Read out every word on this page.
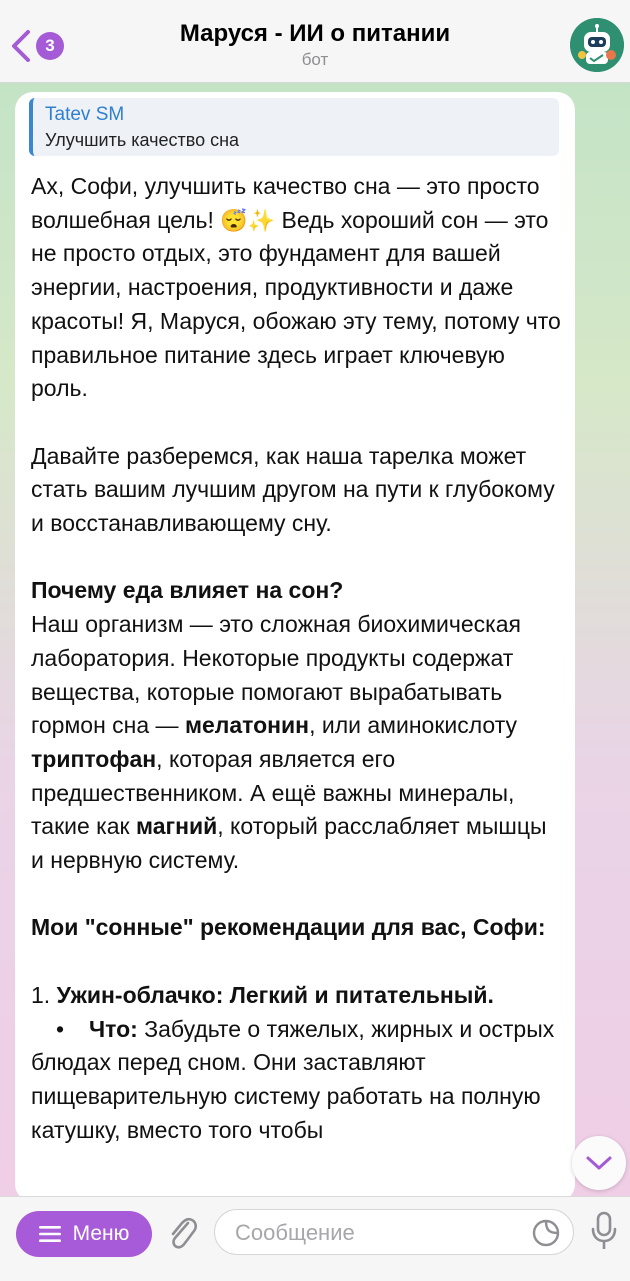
3	Маруся - ИИ о питании
бот
Tatev SM
Улучшить качество сна

Ах, Софи, улучшить качество сна — это просто волшебная цель! 😴✨ Ведь хороший сон — это не просто отдых, это фундамент для вашей энергии, настроения, продуктивности и даже красоты! Я, Маруся, обожаю эту тему, потому что правильное питание здесь играет ключевую роль.

Давайте разберемся, как наша тарелка может стать вашим лучшим другом на пути к глубокому и восстанавливающему сну.

Почему еда влияет на сон?

Наш организм — это сложная биохимическая лаборатория. Некоторые продукты содержат вещества, которые помогают вырабатывать гормон сна — мелатонин, или аминокислоту триптофан, которая является его предшественником. А ещё важны минералы, такие как магний, который расслабляет мышцы и нервную систему.

Мои "сонные" рекомендации для вас, Софи:

1. Ужин-облачко: Легкий и питательный.

• Что: Забудьте о тяжелых, жирных и острых блюдах перед сном. Они заставляют пищеварительную систему работать на полную катушку, вместо того чтобы

Меню
Сообщение
